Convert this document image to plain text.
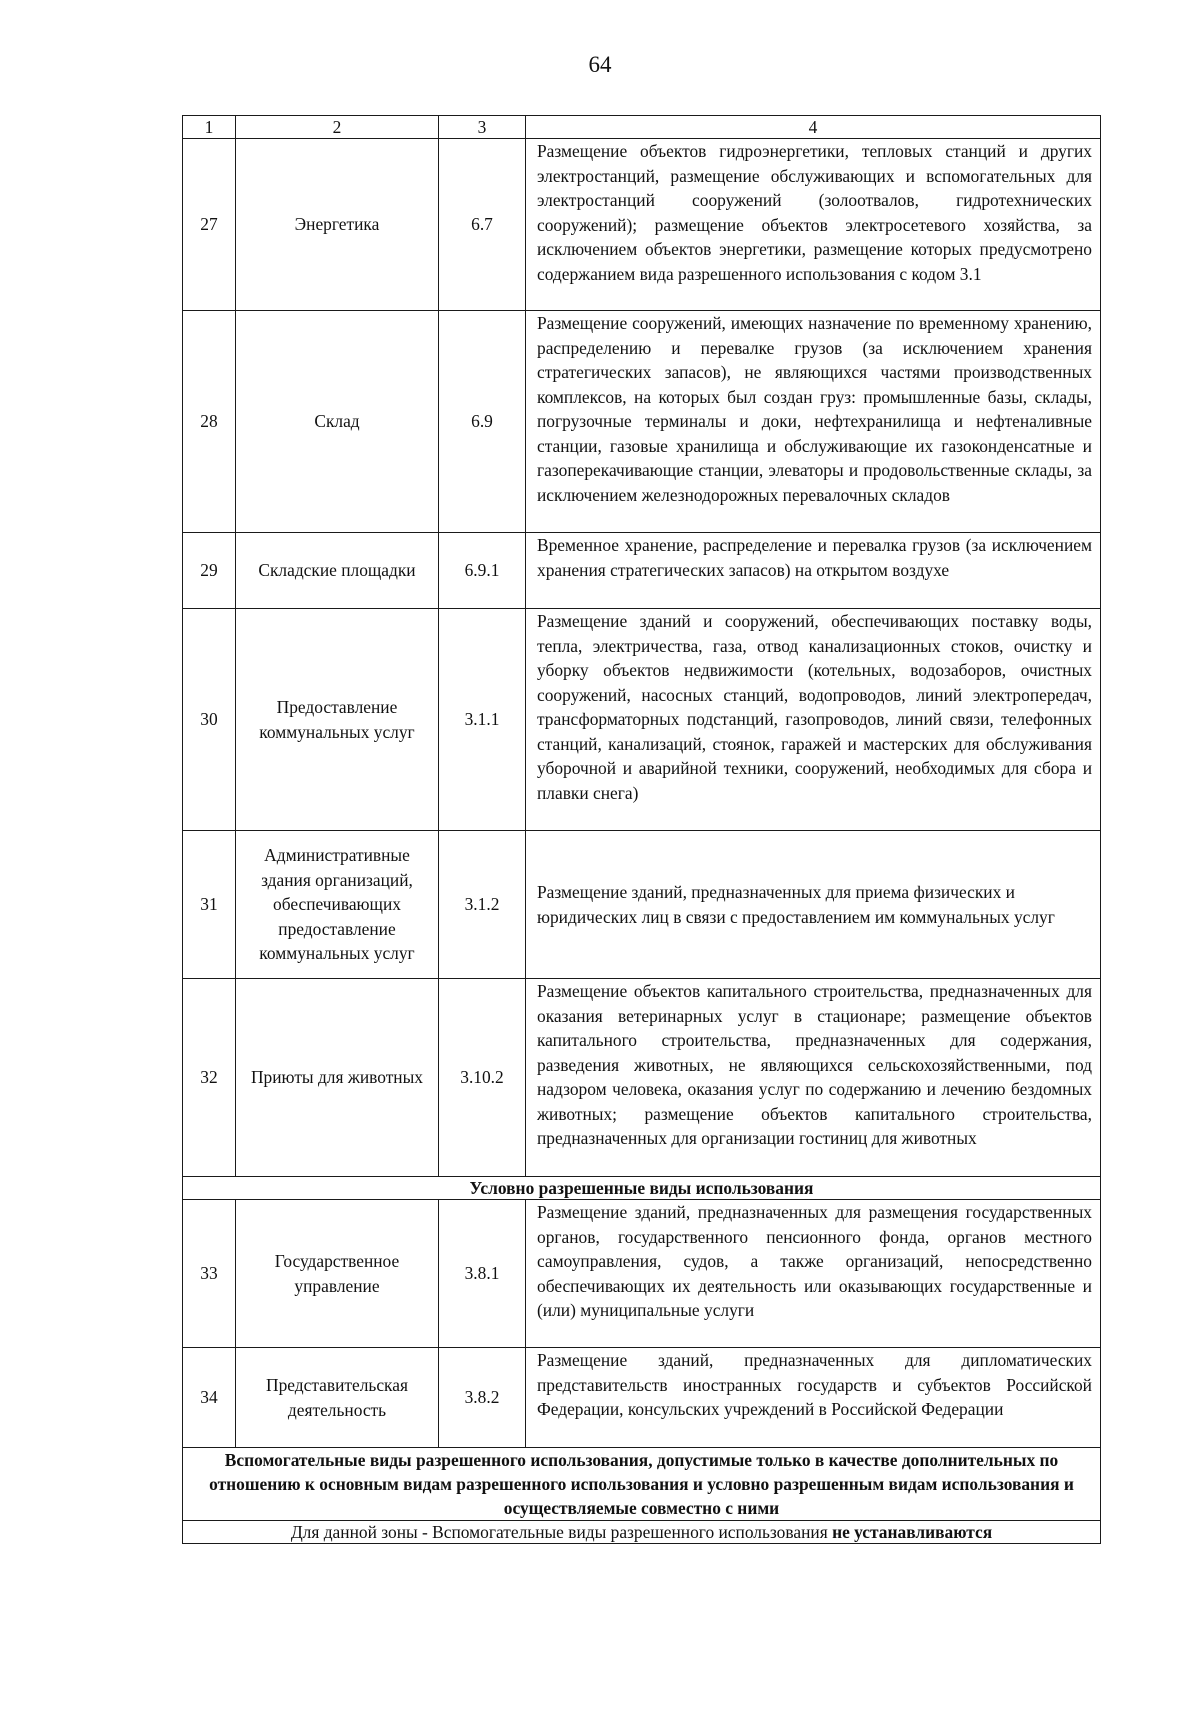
64
1	2	3	4
27	Энергетика	6.7	Размещение объектов гидроэнергетики, тепловых станций и других электростанций, размещение обслуживающих и вспомогательных для электростанций сооружений (золоотвалов, гидротехнических сооружений); размещение объектов электросетевого хозяйства, за исключением объектов энергетики, размещение которых предусмотрено содержанием вида разрешенного использования с кодом 3.1
28	Склад	6.9	Размещение сооружений, имеющих назначение по временному хранению, распределению и перевалке грузов (за исключением хранения стратегических запасов), не являющихся частями производственных комплексов, на которых был создан груз: промышленные базы, склады, погрузочные терминалы и доки, нефтехранилища и нефтеналивные станции, газовые хранилища и обслуживающие их газоконденсатные и газоперекачивающие станции, элеваторы и продовольственные склады, за исключением железнодорожных перевалочных складов
29	Складские площадки	6.9.1	Временное хранение, распределение и перевалка грузов (за исключением хранения стратегических запасов) на открытом воздухе
30	Предоставление коммунальных услуг	3.1.1	Размещение зданий и сооружений, обеспечивающих поставку воды, тепла, электричества, газа, отвод канализационных стоков, очистку и уборку объектов недвижимости (котельных, водозаборов, очистных сооружений, насосных станций, водопроводов, линий электропередач, трансформаторных подстанций, газопроводов, линий связи, телефонных станций, канализаций, стоянок, гаражей и мастерских для обслуживания уборочной и аварийной техники, сооружений, необходимых для сбора и плавки снега)
31	Административные здания организаций, обеспечивающих предоставление коммунальных услуг	3.1.2	Размещение зданий, предназначенных для приема физических и юридических лиц в связи с предоставлением им коммунальных услуг
32	Приюты для животных	3.10.2	Размещение объектов капитального строительства, предназначенных для оказания ветеринарных услуг в стационаре; размещение объектов капитального строительства, предназначенных для содержания, разведения животных, не являющихся сельскохозяйственными, под надзором человека, оказания услуг по содержанию и лечению бездомных животных; размещение объектов капитального строительства, предназначенных для организации гостиниц для животных
Условно разрешенные виды использования			
33	Государственное управление	3.8.1	Размещение зданий, предназначенных для размещения государственных органов, государственного пенсионного фонда, органов местного самоуправления, судов, а также организаций, непосредственно обеспечивающих их деятельность или оказывающих государственные и (или) муниципальные услуги
34	Представительская деятельность	3.8.2	Размещение зданий, предназначенных для дипломатических представительств иностранных государств и субъектов Российской Федерации, консульских учреждений в Российской Федерации
Вспомогательные виды разрешенного использования, допустимые только в качестве дополнительных по отношению к основным видам разрешенного использования и условно разрешенным видам использования и осуществляемые совместно с ними			
Для данной зоны - Вспомогательные виды разрешенного использования не устанавливаются			
